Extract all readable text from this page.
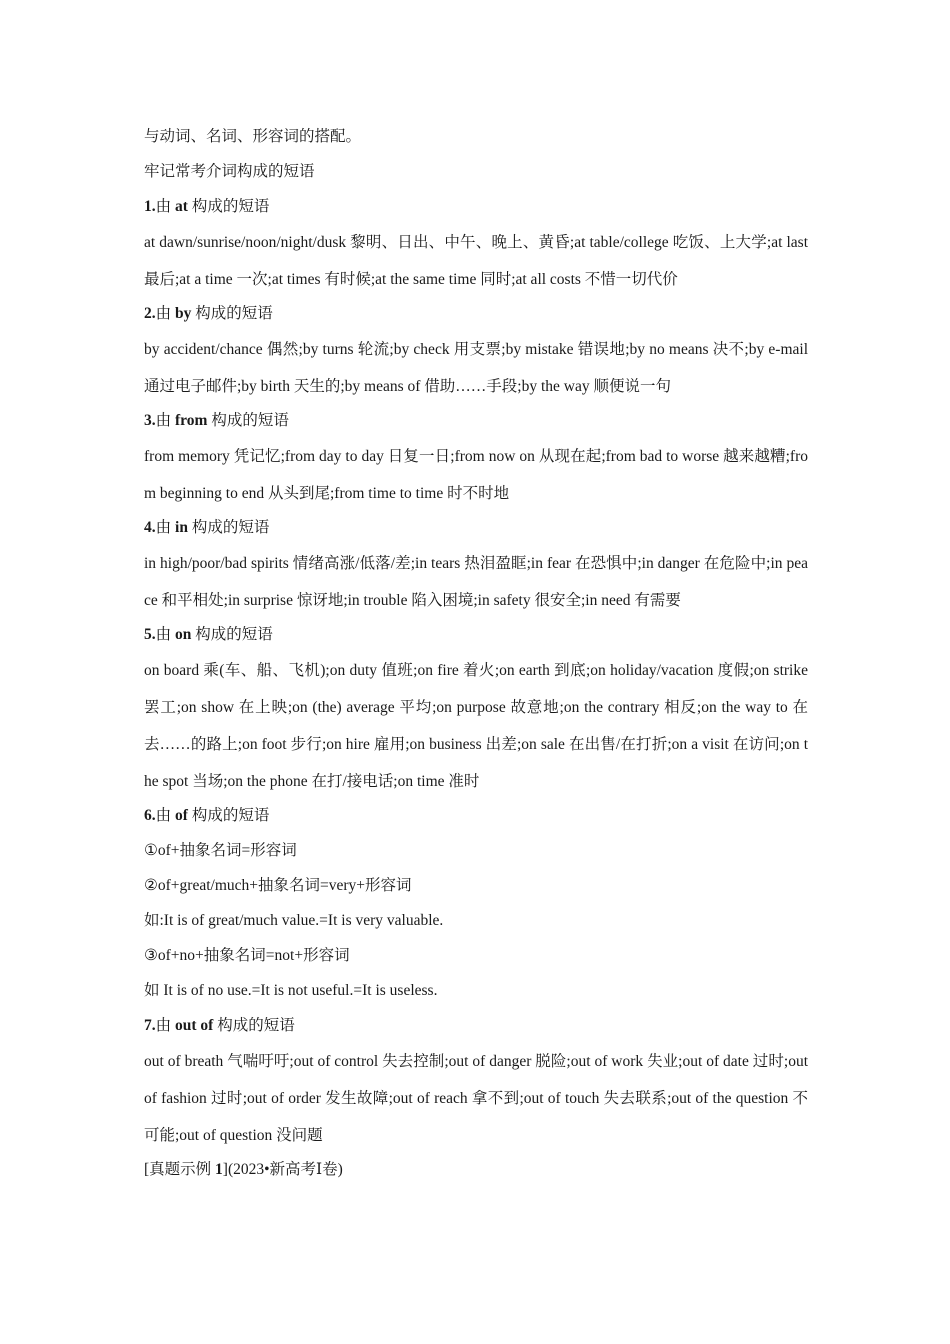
与动词、名词、形容词的搭配。
牢记常考介词构成的短语
1.由 at 构成的短语
at dawn/sunrise/noon/night/dusk 黎明、日出、中午、晚上、黄昏;at table/college 吃饭、上大学;at last 最后;at a time 一次;at times 有时候;at the same time 同时;at all costs 不惜一切代价
2.由 by 构成的短语
by accident/chance 偶然;by turns 轮流;by check 用支票;by mistake 错误地;by no means 决不;by e-mail 通过电子邮件;by birth 天生的;by means of 借助……手段;by the way 顺便说一句
3.由 from 构成的短语
from memory 凭记忆;from day to day 日复一日;from now on 从现在起;from bad to worse 越来越糟;from beginning to end 从头到尾;from time to time 时不时地
4.由 in 构成的短语
in high/poor/bad spirits 情绪高涨/低落/差;in tears 热泪盈眶;in fear 在恐惧中;in danger 在危险中;in peace 和平相处;in surprise 惊讶地;in trouble 陷入困境;in safety 很安全;in need 有需要
5.由 on 构成的短语
on board 乘(车、船、飞机);on duty 值班;on fire 着火;on earth 到底;on holiday/vacation 度假;on strike 罢工;on show 在上映;on (the) average 平均;on purpose 故意地;on the contrary 相反;on the way to 在去……的路上;on foot 步行;on hire 雇用;on business 出差;on sale 在出售/在打折;on a visit 在访问;on the spot 当场;on the phone 在打/接电话;on time 准时
6.由 of 构成的短语
①of+抽象名词=形容词
②of+great/much+抽象名词=very+形容词
如:It is of great/much value.=It is very valuable.
③of+no+抽象名词=not+形容词
如 It is of no use.=It is not useful.=It is useless.
7.由 out of 构成的短语
out of breath 气喘吁吁;out of control 失去控制;out of danger 脱险;out of work 失业;out of date 过时;out of fashion 过时;out of order 发生故障;out of reach 拿不到;out of touch 失去联系;out of the question 不可能;out of question 没问题
[真题示例 1](2023•新高考Ⅰ卷)
